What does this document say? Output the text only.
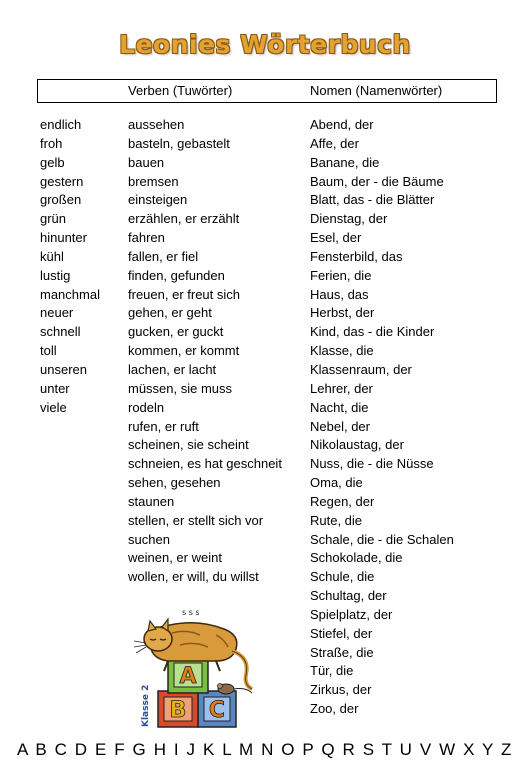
Leonies Wörterbuch
Verben (Tuwörter)	Nomen (Namenwörter)
endlich
froh
gelb
gestern
großen
grün
hinunter
kühl
lustig
manchmal
neuer
schnell
toll
unseren
unter
viele
aussehen
basteln, gebastelt
bauen
bremsen
einsteigen
erzählen, er erzählt
fahren
fallen, er fiel
finden, gefunden
freuen, er freut sich
gehen, er geht
gucken, er guckt
kommen, er kommt
lachen, er lacht
müssen, sie muss
rodeln
rufen, er ruft
scheinen, sie scheint
schneien, es hat geschneit
sehen, gesehen
staunen
stellen, er stellt sich vor
suchen
weinen, er weint
wollen, er will, du willst
Abend, der
Affe, der
Banane, die
Baum, der - die Bäume
Blatt, das - die Blätter
Dienstag, der
Esel, der
Fensterbild, das
Ferien, die
Haus, das
Herbst, der
Kind, das - die Kinder
Klasse, die
Klassenraum, der
Lehrer, der
Nacht, die
Nebel, der
Nikolaustag, der
Nuss, die - die Nüsse
Oma, die
Regen, der
Rute, die
Schale, die - die Schalen
Schokolade, die
Schule, die
Schultag, der
Spielplatz, der
Stiefel, der
Straße, die
Tür, die
Zirkus, der
Zoo, der
C
B
A
s s s
Klasse 2
A B C D E F G H I J K L M N O P Q R S T U V W X Y Z
